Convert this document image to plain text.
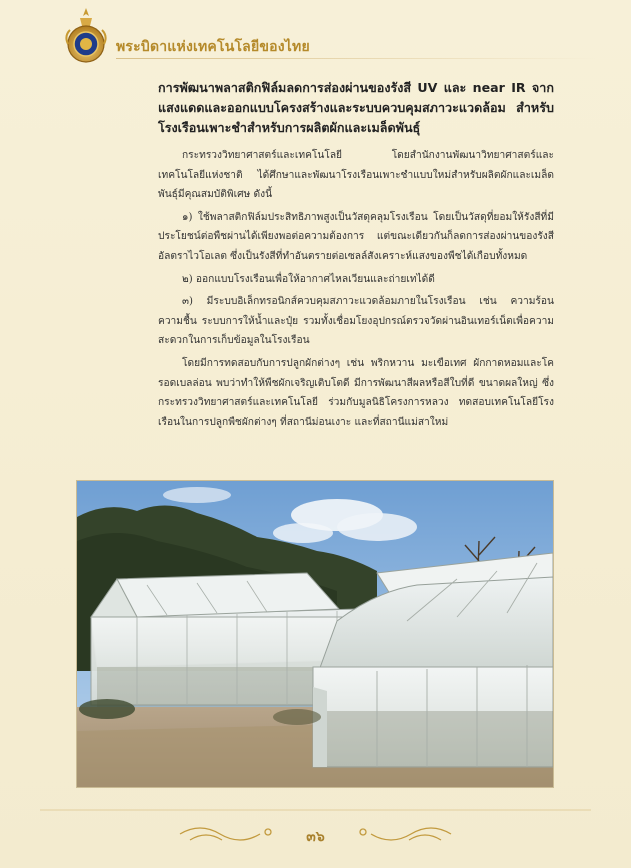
พระบิดาแห่งเทคโนโลยีของไทย
การพัฒนาพลาสติกฟิล์มลดการส่องผ่านของรังสี UV และ near IR จากแสงแดดและออกแบบโครงสร้างและระบบควบคุมสภาวะแวดล้อม สำหรับโรงเรือนเพาะชำสำหรับการผลิตผักและเมล็ดพันธุ์

กระทรวงวิทยาศาสตร์และเทคโนโลยี โดยสำนักงานพัฒนาวิทยาศาสตร์และเทคโนโลยีแห่งชาติ ได้ศึกษาและพัฒนาโรงเรือนเพาะชำแบบใหม่สำหรับผลิตผักและเมล็ดพันธุ์มีคุณสมบัติพิเศษ ดังนี้

๑) ใช้พลาสติกฟิล์มประสิทธิภาพสูงเป็นวัสดุคลุมโรงเรือน โดยเป็นวัสดุที่ยอมให้รังสีที่มีประโยชน์ต่อพืชผ่านได้เพียงพอต่อความต้องการ แต่ขณะเดียวกันก็ลดการส่องผ่านของรังสีอัลตราไวโอเลต ซึ่งเป็นรังสีที่ทำอันตรายต่อเซลล์สังเคราะห์แสงของพืชได้เกือบทั้งหมด

๒) ออกแบบโรงเรือนเพื่อให้อากาศไหลเวียนและถ่ายเทได้ดี

๓) มีระบบอิเล็กทรอนิกส์ควบคุมสภาวะแวดล้อมภายในโรงเรือน เช่น ความร้อน ความชื้น ระบบการให้น้ำและปุ๋ย รวมทั้งเชื่อมโยงอุปกรณ์ตรวจวัดผ่านอินเทอร์เน็ตเพื่อความสะดวกในการเก็บข้อมูลในโรงเรือน

โดยมีการทดสอบกับการปลูกผักต่างๆ เช่น พริกหวาน มะเขือเทศ ผักกาดหอมและโครอดเบลล่อน พบว่าทำให้พืชผักเจริญเติบโตดี มีการพัฒนาสีผลหรือสีใบที่ดี ขนาดผลใหญ่ ซึ่งกระทรวงวิทยาศาสตร์และเทคโนโลยี ร่วมกับมูลนิธิโครงการหลวง ทดสอบเทคโนโลยีโรงเรือนในการปลูกพืชผักต่างๆ ที่สถานีม่อนเงาะ และที่สถานีแม่สาใหม่

๓๖
